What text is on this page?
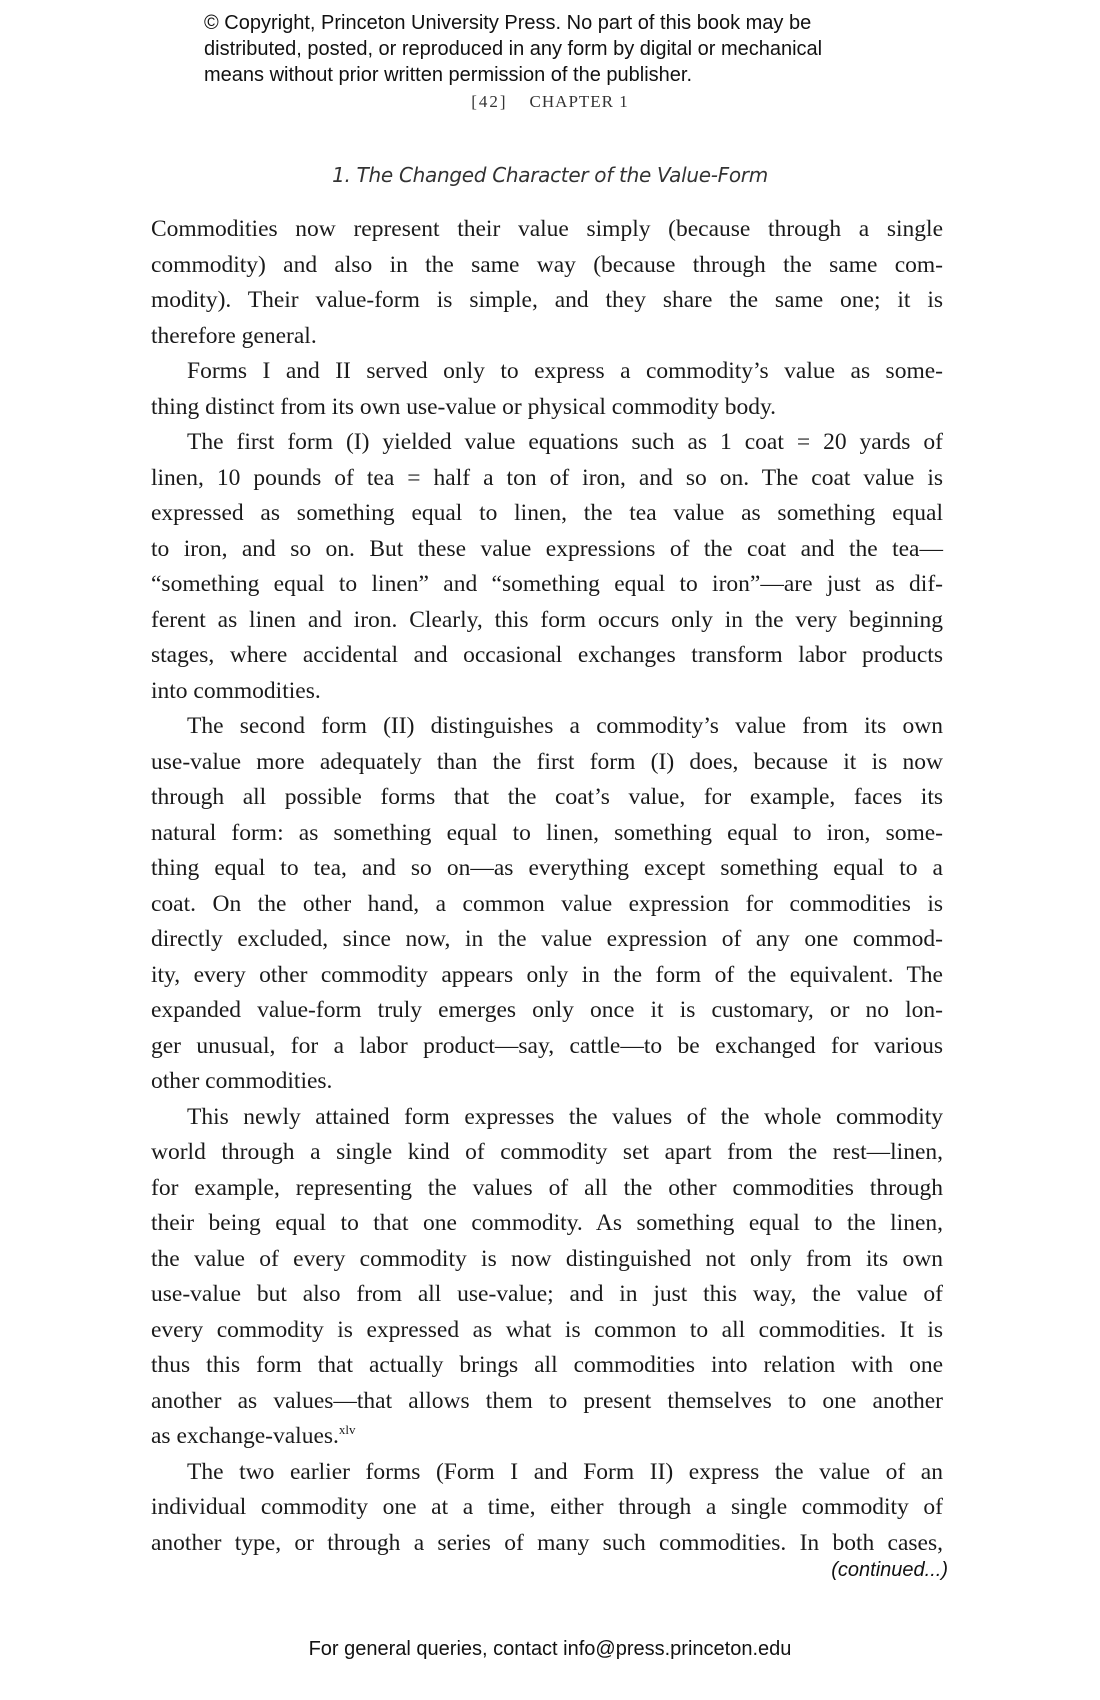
© Copyright, Princeton University Press. No part of this book may be
distributed, posted, or reproduced in any form by digital or mechanical
means without prior written permission of the publisher.
[42] CHAPTER 1
1. The Changed Character of the Value-Form
Commodities now represent their value simply (because through a single
commodity) and also in the same way (because through the same com-
modity). Their value-form is simple, and they share the same one; it is
therefore general.
Forms I and II served only to express a commodity’s value as some-
thing distinct from its own use-value or physical commodity body.
The first form (I) yielded value equations such as 1 coat = 20 yards of
linen, 10 pounds of tea = half a ton of iron, and so on. The coat value is
expressed as something equal to linen, the tea value as something equal
to iron, and so on. But these value expressions of the coat and the tea—
“something equal to linen” and “something equal to iron”—are just as dif-
ferent as linen and iron. Clearly, this form occurs only in the very beginning
stages, where accidental and occasional exchanges transform labor products
into commodities.
The second form (II) distinguishes a commodity’s value from its own
use-value more adequately than the first form (I) does, because it is now
through all possible forms that the coat’s value, for example, faces its
natural form: as something equal to linen, something equal to iron, some-
thing equal to tea, and so on—as everything except something equal to a
coat. On the other hand, a common value expression for commodities is
directly excluded, since now, in the value expression of any one commod-
ity, every other commodity appears only in the form of the equivalent. The
expanded value-form truly emerges only once it is customary, or no lon-
ger unusual, for a labor product—say, cattle—to be exchanged for various
other commodities.
This newly attained form expresses the values of the whole commodity
world through a single kind of commodity set apart from the rest—linen,
for example, representing the values of all the other commodities through
their being equal to that one commodity. As something equal to the linen,
the value of every commodity is now distinguished not only from its own
use-value but also from all use-value; and in just this way, the value of
every commodity is expressed as what is common to all commodities. It is
thus this form that actually brings all commodities into relation with one
another as values—that allows them to present themselves to one another
as exchange-values.$^{xlv}$
The two earlier forms (Form I and Form II) express the value of an
individual commodity one at a time, either through a single commodity of
another type, or through a series of many such commodities. In both cases,
(continued...)
For general queries, contact info@press.princeton.edu
